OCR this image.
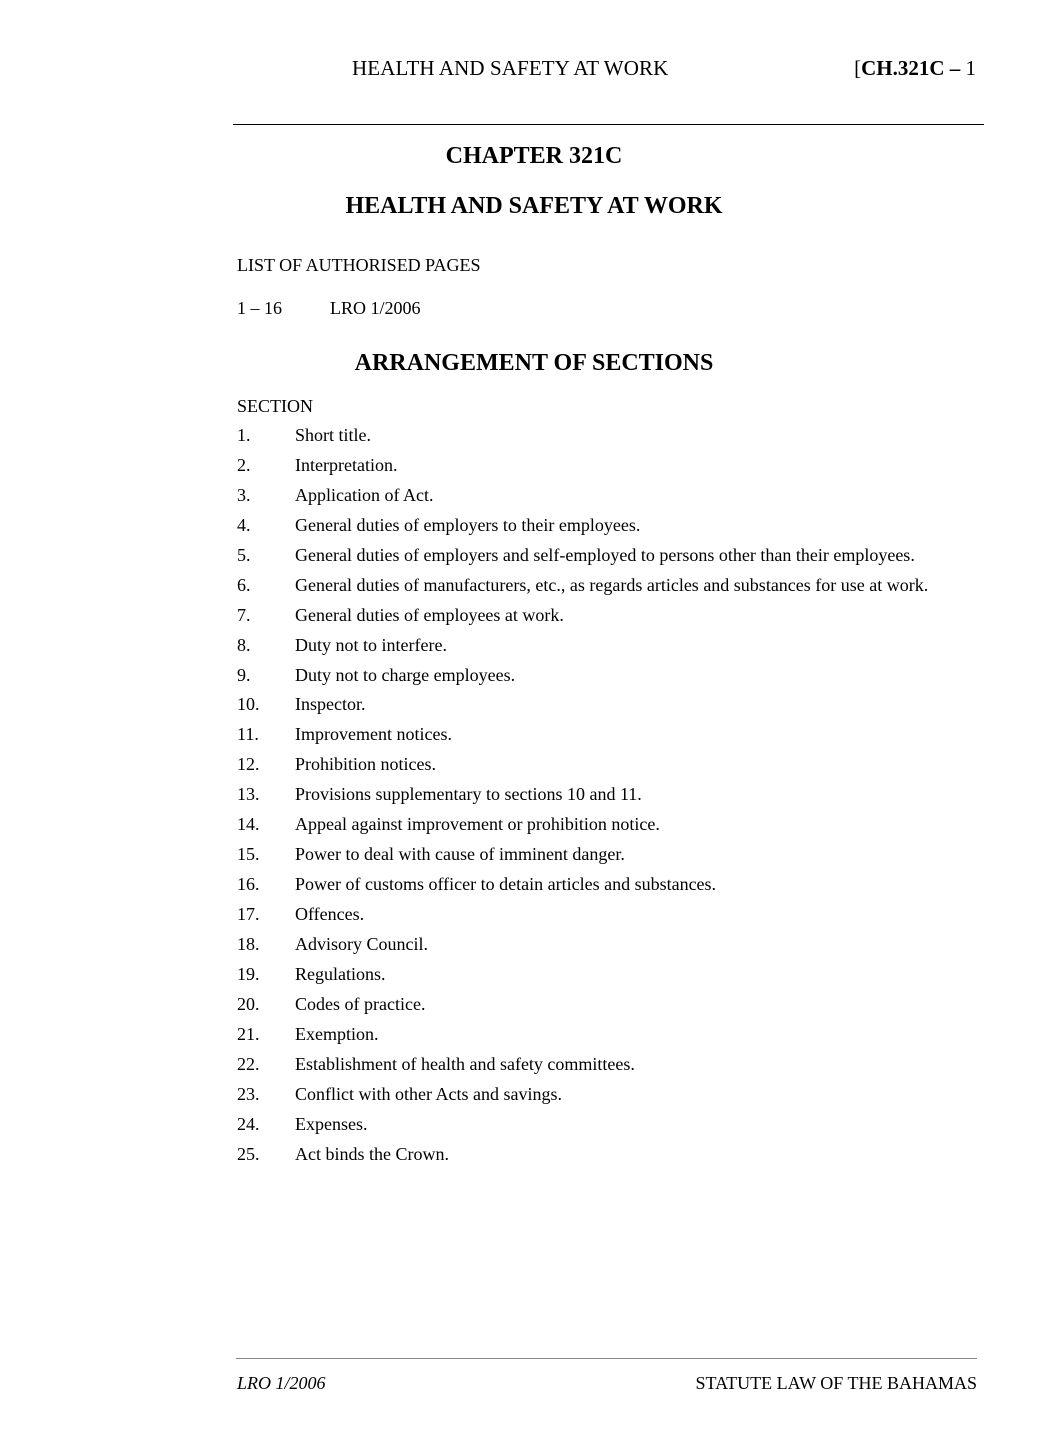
HEALTH AND SAFETY AT WORK	[CH.321C – 1
CHAPTER 321C
HEALTH AND SAFETY AT WORK
LIST OF AUTHORISED PAGES
1 – 16	LRO 1/2006
ARRANGEMENT OF SECTIONS
SECTION
1. Short title.
2. Interpretation.
3. Application of Act.
4. General duties of employers to their employees.
5. General duties of employers and self-employed to persons other than their employees.
6. General duties of manufacturers, etc., as regards articles and substances for use at work.
7. General duties of employees at work.
8. Duty not to interfere.
9. Duty not to charge employees.
10. Inspector.
11. Improvement notices.
12. Prohibition notices.
13. Provisions supplementary to sections 10 and 11.
14. Appeal against improvement or prohibition notice.
15. Power to deal with cause of imminent danger.
16. Power of customs officer to detain articles and substances.
17. Offences.
18. Advisory Council.
19. Regulations.
20. Codes of practice.
21. Exemption.
22. Establishment of health and safety committees.
23. Conflict with other Acts and savings.
24. Expenses.
25. Act binds the Crown.
LRO 1/2006	STATUTE LAW OF THE BAHAMAS
